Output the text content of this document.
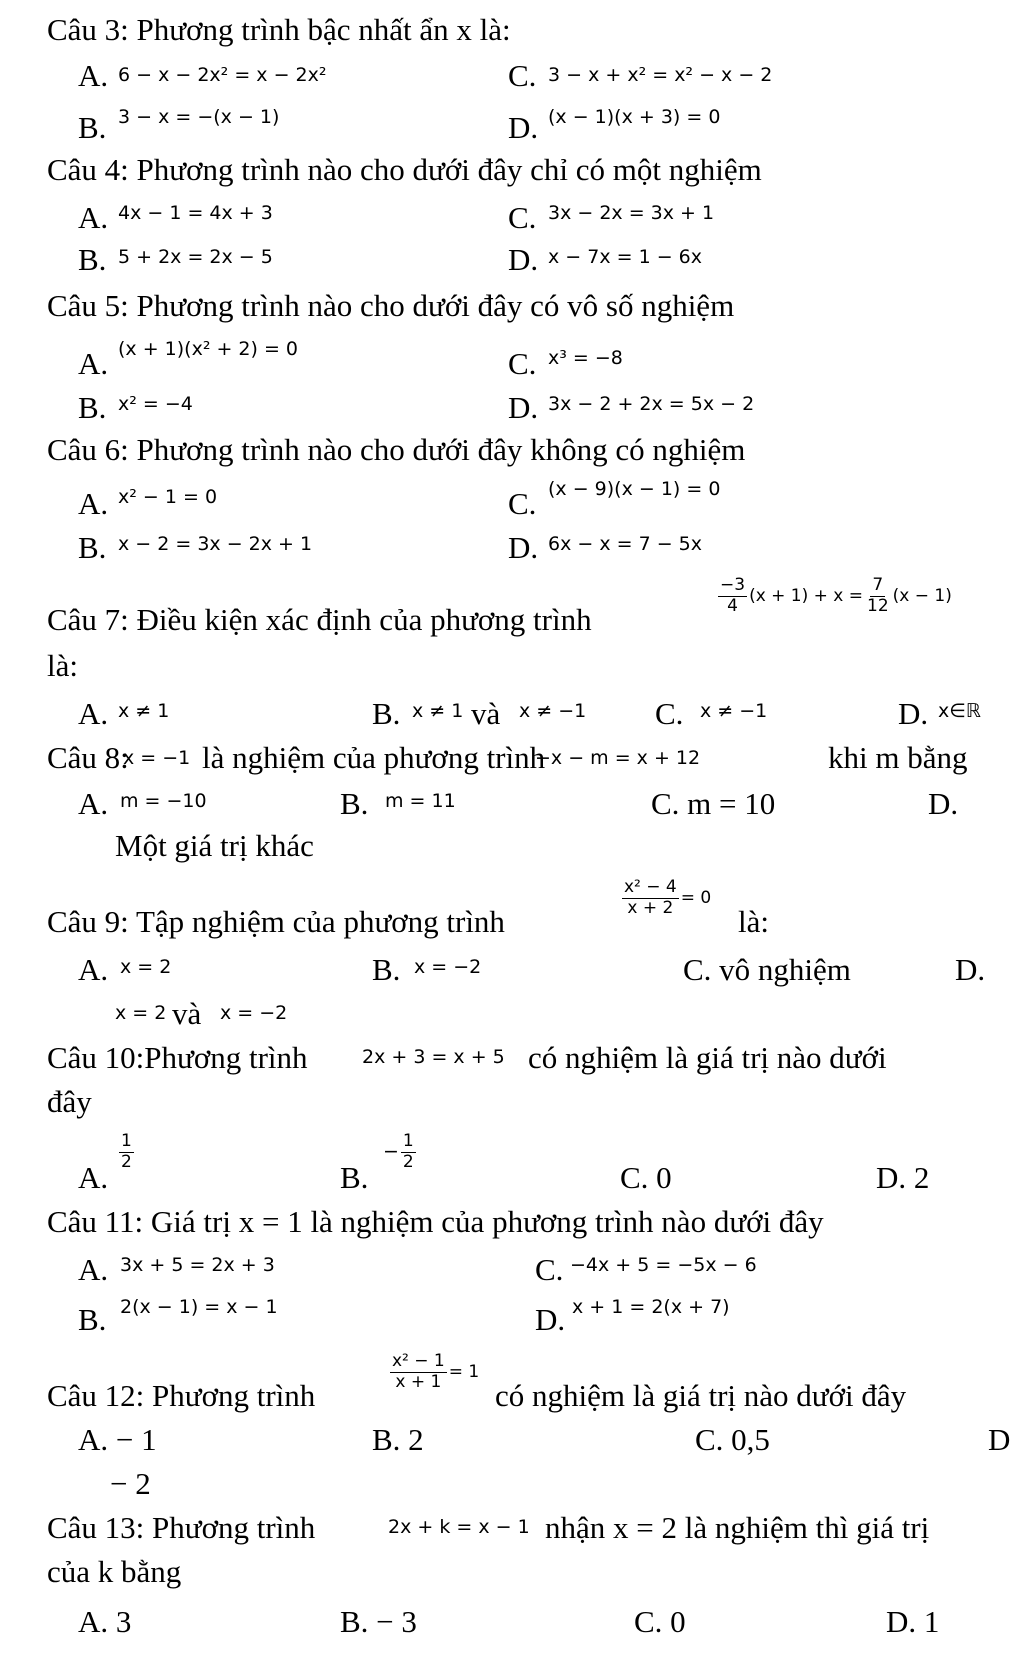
Câu 3: Phương trình bậc nhất ẩn x là:
A. 6 − x − 2x² = x − 2x²	C. 3 − x + x² = x² − x − 2
B. 3 − x = −(x − 1)	D. (x − 1)(x + 3) = 0
Câu 4: Phương trình nào cho dưới đây chỉ có một nghiệm
A. 4x − 1 = 4x + 3	C. 3x − 2x = 3x + 1
B. 5 + 2x = 2x − 5	D. x − 7x = 1 − 6x
Câu 5: Phương trình nào cho dưới đây có vô số nghiệm
A. (x + 1)(x² + 2) = 0	C. x³ = −8
B. x² = −4	D. 3x − 2 + 2x = 5x − 2
Câu 6: Phương trình nào cho dưới đây không có nghiệm
A. x² − 1 = 0	C. (x − 9)(x − 1) = 0
B. x − 2 = 3x − 2x + 1	D. 6x − x = 7 − 5x
Câu 7: Điều kiện xác định của phương trình
$\frac{-3}{4} (x + 1) + x = \frac{7}{12} (x - 1)$
là:
A. x ≠ 1	B. x ≠ 1 và x ≠ −1 C. x ≠ −1	D. x∈ℝ
Câu 8:
x = −1 là nghiệm của phương trình
−x − m = x + 12	khi m bằng
A. m = −10	B. m = 11	C. m = 10	D.
Một giá trị khác
Câu 9: Tập nghiệm của phương trình
$\frac{\text{x² − 4}}{x + 2} = 0$
là:
A. x = 2	B. x = −2	C. vô nghiệm	D.
x = 2 và x = −2
Câu 10:Phương trình	2x + 3 = x + 5 có nghiệm là giá trị nào dưới
đây
A.
$\frac{1}{2}$
B.
− $\frac{1}{2}$
C. 0	D. 2
Câu 11: Giá trị x = 1 là nghiệm của phương trình nào dưới đây
A. 3x + 5 = 2x + 3	C. −4x + 5 = −5x − 6
B. 2(x − 1) = x − 1	D. x + 1 = 2(x + 7)
Câu 12: Phương trình
$\frac{\text{x² − 1}}{x + 1} = 1$
có nghiệm là giá trị nào dưới đây
A. − 1	B. 2	C. 0,5	D
− 2
Câu 13: Phương trình	2x + k = x − 1 nhận x = 2 là nghiệm thì giá trị
của k bằng
A. 3	B. − 3	C. 0	D. 1
